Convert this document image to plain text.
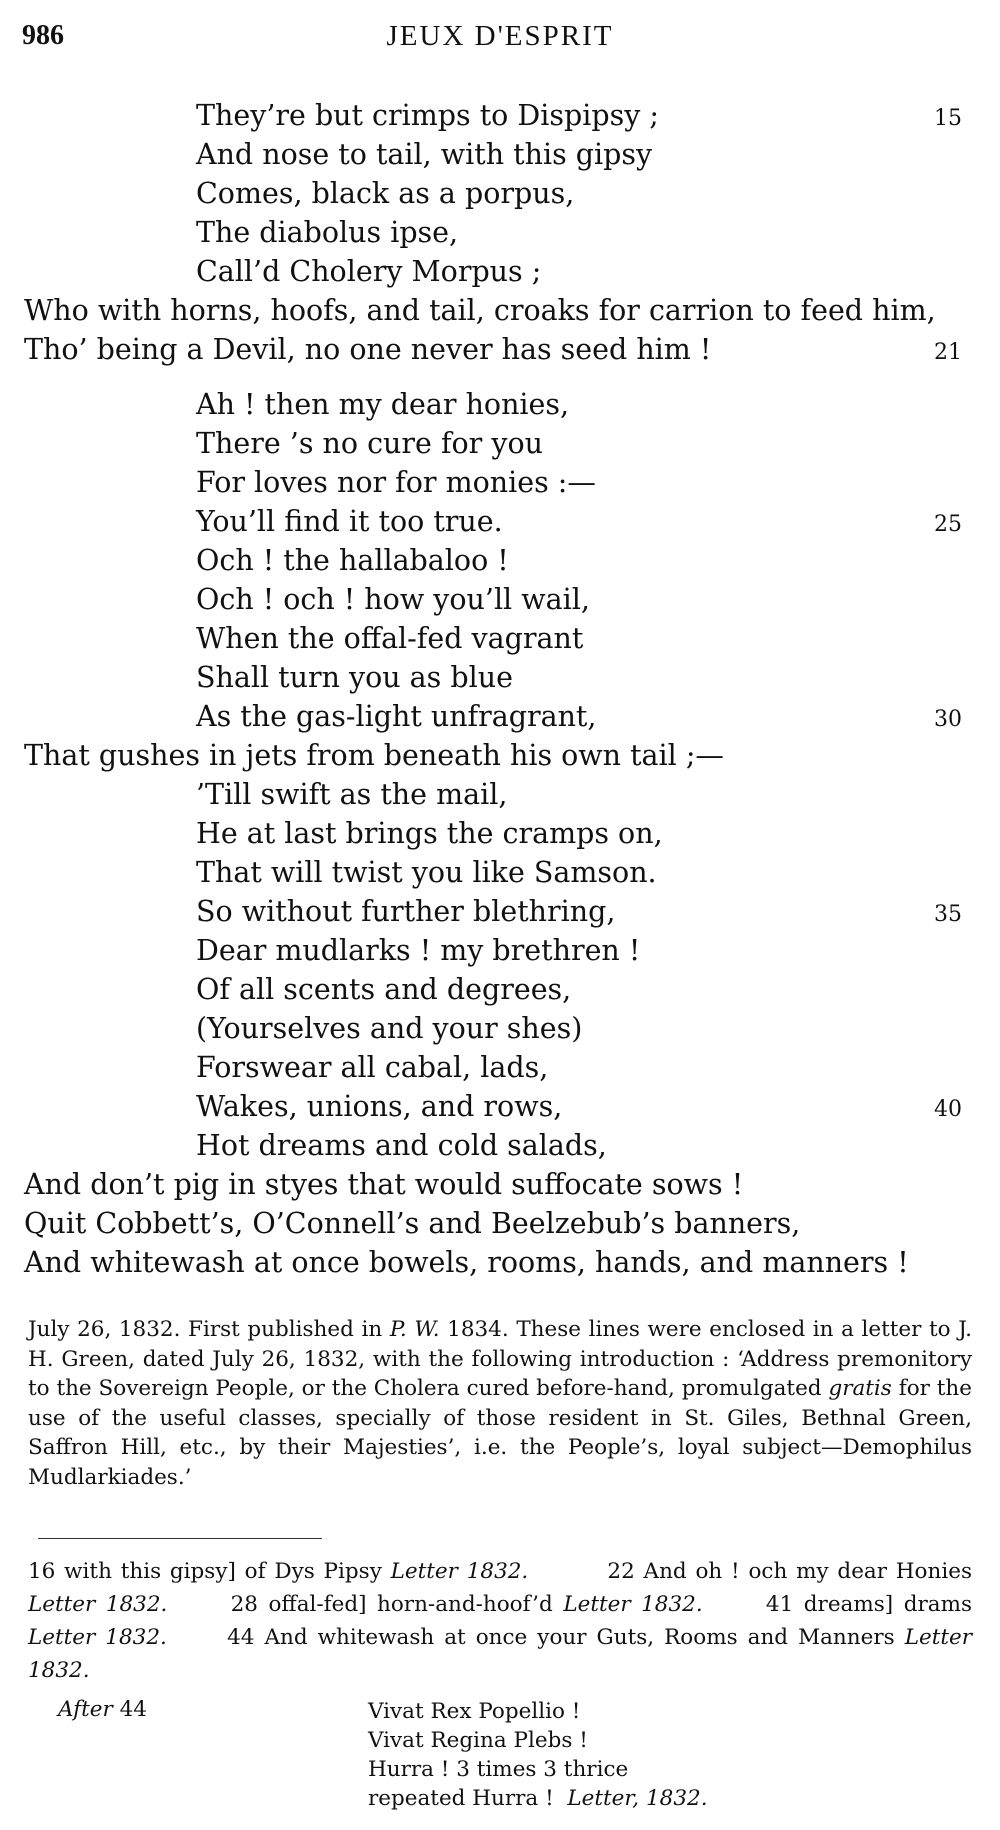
986	JEUX D'ESPRIT
They’re but crimps to Dispipsy ;	15
And nose to tail, with this gipsy
Comes, black as a porpus,
The diabolus ipse,
Call’d Cholery Morpus ;
Who with horns, hoofs, and tail, croaks for carrion to feed him,
Tho’ being a Devil, no one never has seed him !	21
Ah ! then my dear honies,
There ’s no cure for you
For loves nor for monies :—
You’ll find it too true.	25
Och ! the hallabaloo !
Och ! och ! how you’ll wail,
When the offal-fed vagrant
Shall turn you as blue
As the gas-light unfragrant,	30
That gushes in jets from beneath his own tail ;—
’Till swift as the mail,
He at last brings the cramps on,
That will twist you like Samson.
So without further blethring,	35
Dear mudlarks ! my brethren !
Of all scents and degrees,
(Yourselves and your shes)
Forswear all cabal, lads,
Wakes, unions, and rows,	40
Hot dreams and cold salads,
And don’t pig in styes that would suffocate sows !
Quit Cobbett’s, O’Connell’s and Beelzebub’s banners,
And whitewash at once bowels, rooms, hands, and manners !
July 26, 1832. First published in P. W. 1834. These lines were enclosed in a letter to J. H. Green, dated July 26, 1832, with the following introduction : ‘Address premonitory to the Sovereign People, or the Cholera cured before-hand, promulgated gratis for the use of the useful classes, specially of those resident in St. Giles, Bethnal Green, Saffron Hill, etc., by their Majesties’, i.e. the People’s, loyal subject—Demophilus Mudlarkiades.’
16 with this gipsy] of Dys Pipsy Letter 1832.	22 And oh ! och my dear Honies Letter 1832.	28 offal-fed] horn-and-hoof’d Letter 1832.	41 dreams] drams Letter 1832.	44 And whitewash at once your Guts, Rooms and Manners Letter 1832.
After 44	Vivat Rex Popellio !
Vivat Regina Plebs !
Hurra ! 3 times 3 thrice
repeated Hurra ! Letter, 1832.
